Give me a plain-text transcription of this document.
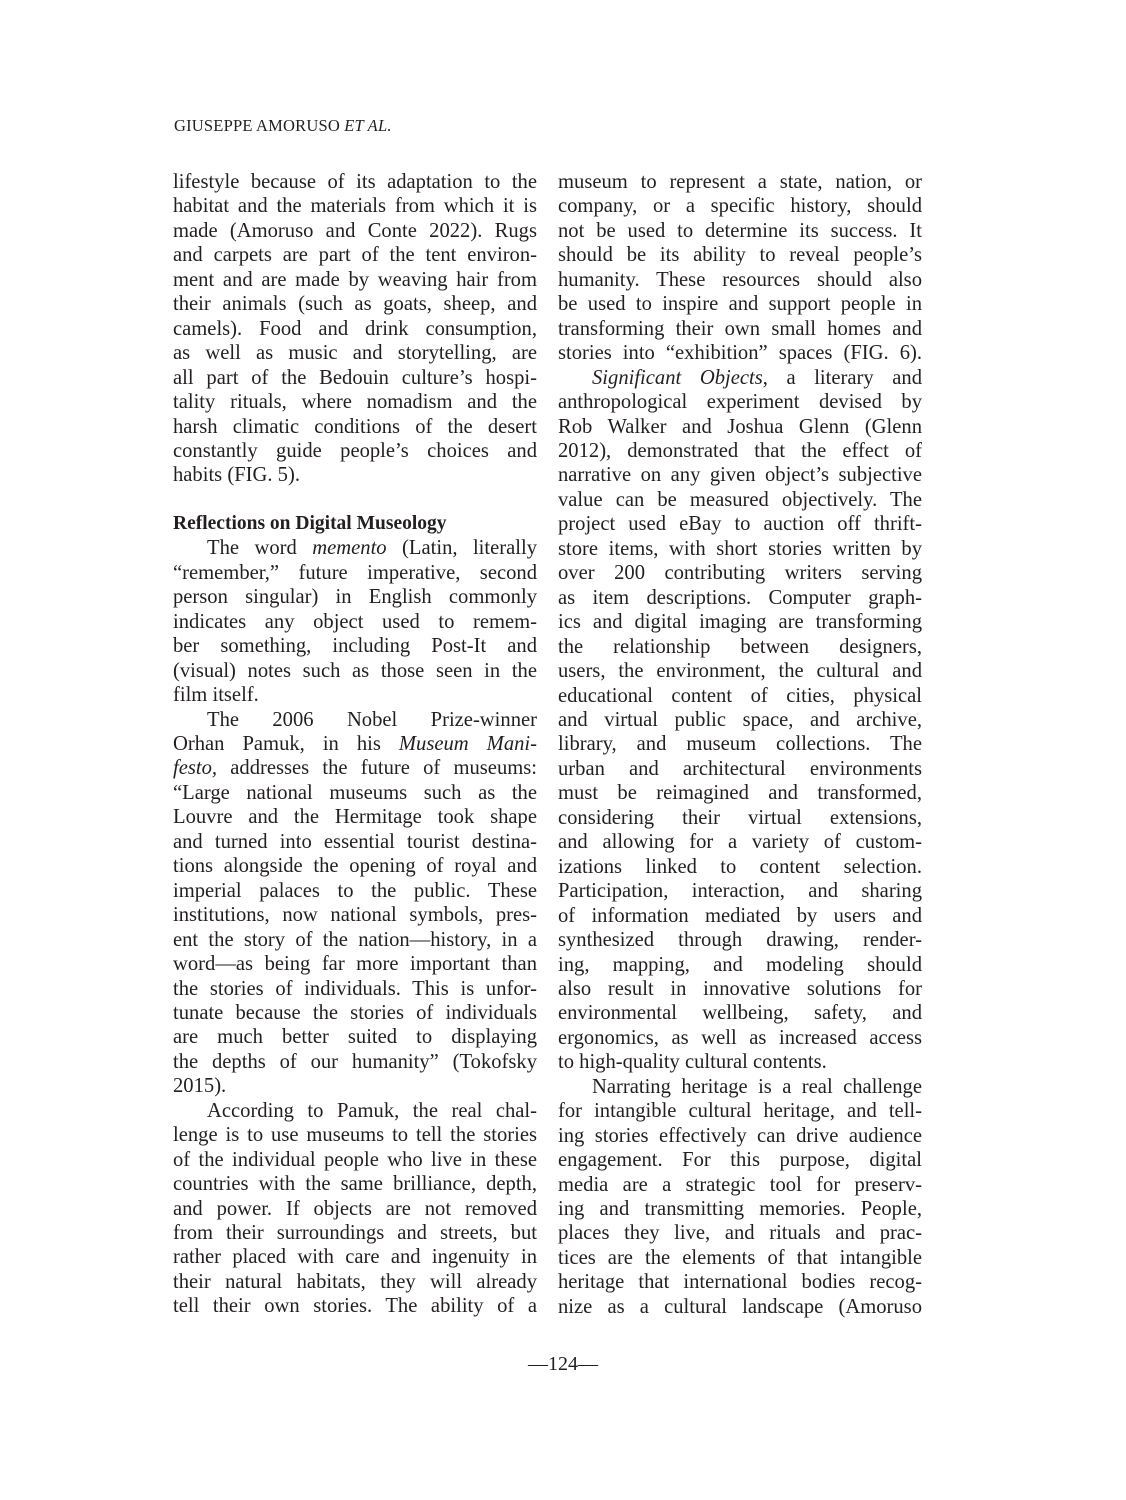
GIUSEPPE AMORUSO ET AL.

lifestyle because of its adaptation to the
habitat and the materials from which it is
made (Amoruso and Conte 2022). Rugs
and carpets are part of the tent environ-
ment and are made by weaving hair from
their animals (such as goats, sheep, and
camels). Food and drink consumption,
as well as music and storytelling, are
all part of the Bedouin culture’s hospi-
tality rituals, where nomadism and the
harsh climatic conditions of the desert
constantly guide people’s choices and
habits (FIG. 5).

Reflections on Digital Museology

The word memento (Latin, literally
“remember,” future imperative, second
person singular) in English commonly
indicates any object used to remem-
ber something, including Post-It and
(visual) notes such as those seen in the
film itself.

The 2006 Nobel Prize-winner
Orhan Pamuk, in his Museum Mani-
festo, addresses the future of museums:
“Large national museums such as the
Louvre and the Hermitage took shape
and turned into essential tourist destina-
tions alongside the opening of royal and
imperial palaces to the public. These
institutions, now national symbols, pres-
ent the story of the nation—history, in a
word—as being far more important than
the stories of individuals. This is unfor-
tunate because the stories of individuals
are much better suited to displaying
the depths of our humanity” (Tokofsky
2015).

According to Pamuk, the real chal-
lenge is to use museums to tell the stories
of the individual people who live in these
countries with the same brilliance, depth,
and power. If objects are not removed
from their surroundings and streets, but
rather placed with care and ingenuity in
their natural habitats, they will already
tell their own stories. The ability of a

museum to represent a state, nation, or
company, or a specific history, should
not be used to determine its success. It
should be its ability to reveal people’s
humanity. These resources should also
be used to inspire and support people in
transforming their own small homes and
stories into “exhibition” spaces (FIG. 6).

Significant Objects, a literary and
anthropological experiment devised by
Rob Walker and Joshua Glenn (Glenn
2012), demonstrated that the effect of
narrative on any given object’s subjective
value can be measured objectively. The
project used eBay to auction off thrift-
store items, with short stories written by
over 200 contributing writers serving
as item descriptions. Computer graph-
ics and digital imaging are transforming
the relationship between designers,
users, the environment, the cultural and
educational content of cities, physical
and virtual public space, and archive,
library, and museum collections. The
urban and architectural environments
must be reimagined and transformed,
considering their virtual extensions,
and allowing for a variety of custom-
izations linked to content selection.
Participation, interaction, and sharing
of information mediated by users and
synthesized through drawing, render-
ing, mapping, and modeling should
also result in innovative solutions for
environmental wellbeing, safety, and
ergonomics, as well as increased access
to high-quality cultural contents.

Narrating heritage is a real challenge
for intangible cultural heritage, and tell-
ing stories effectively can drive audience
engagement. For this purpose, digital
media are a strategic tool for preserv-
ing and transmitting memories. People,
places they live, and rituals and prac-
tices are the elements of that intangible
heritage that international bodies recog-
nize as a cultural landscape (Amoruso

—124—
